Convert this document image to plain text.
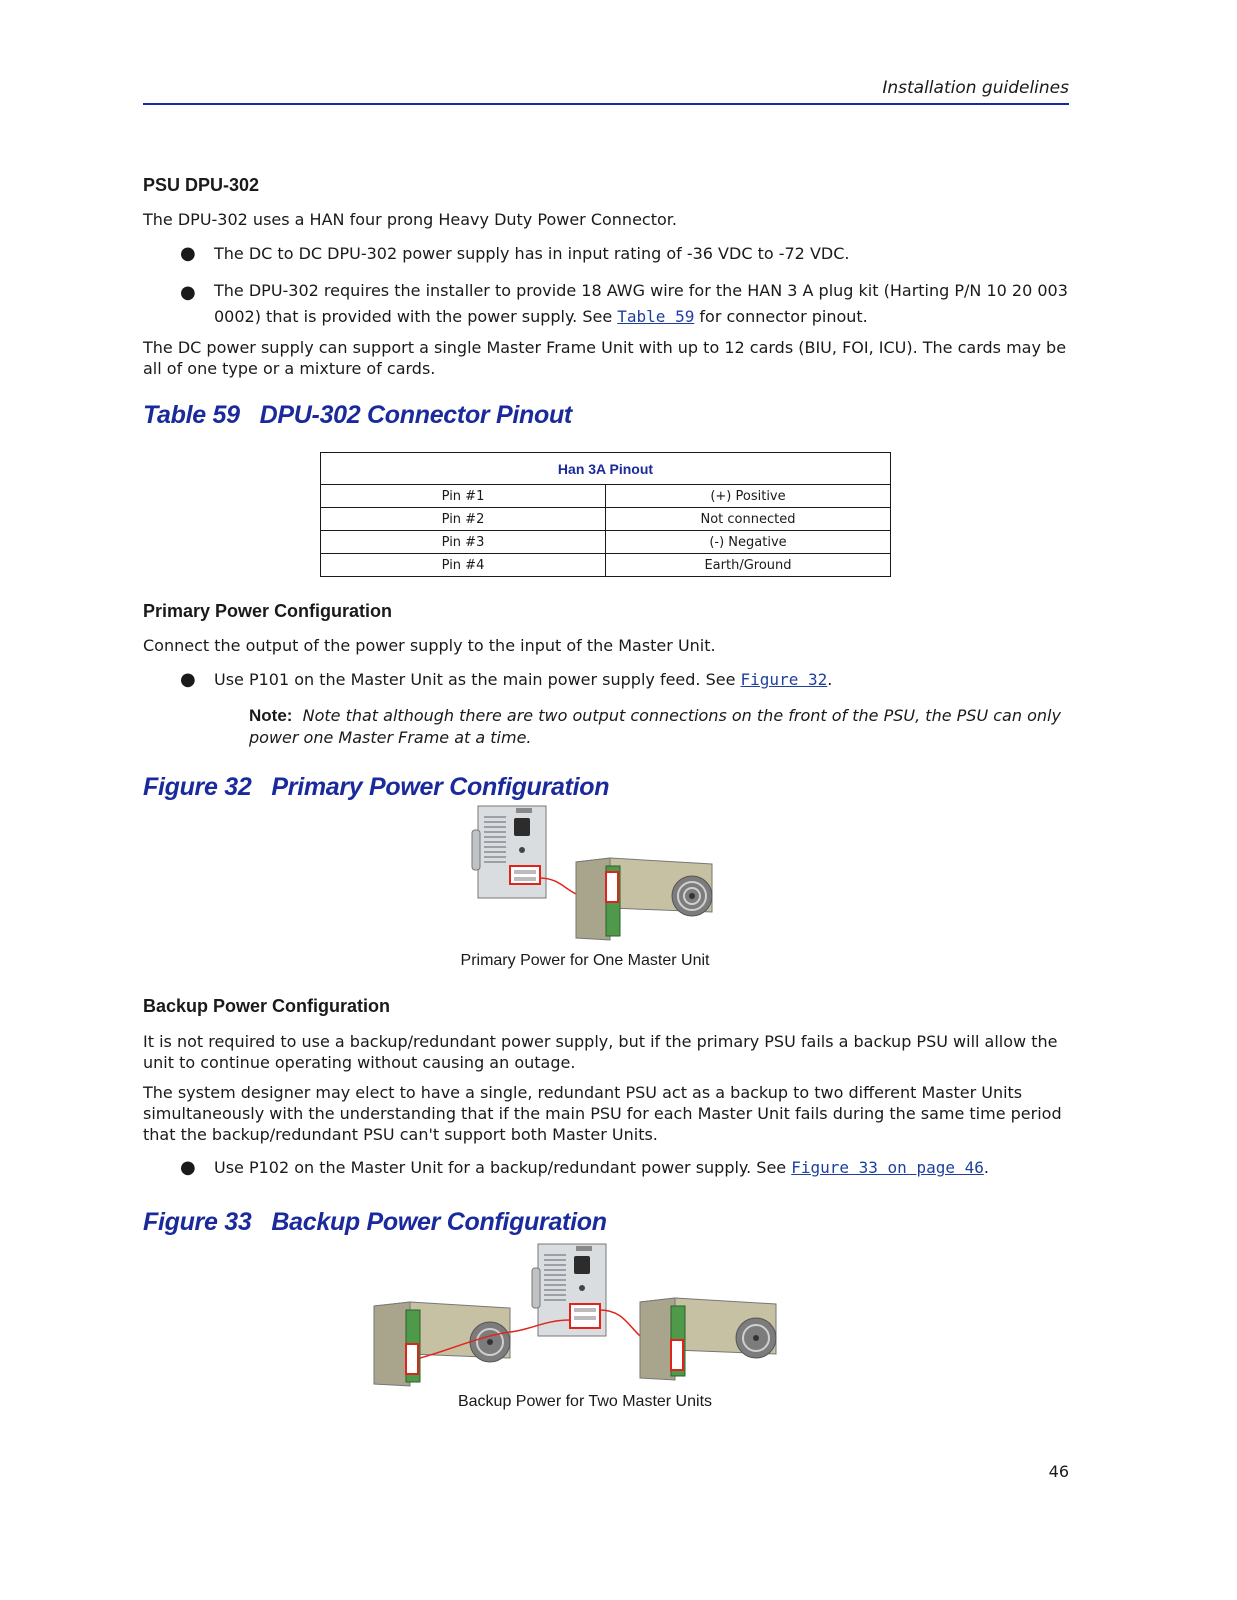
Installation guidelines
PSU DPU-302
The DPU-302 uses a HAN four prong Heavy Duty Power Connector.
● The DC to DC DPU-302 power supply has in input rating of -36 VDC to -72 VDC.
● The DPU-302 requires the installer to provide 18 AWG wire for the HAN 3 A plug kit (Harting P/N 10 20 003 0002) that is provided with the power supply. See Table 59 for connector pinout.
The DC power supply can support a single Master Frame Unit with up to 12 cards (BIU, FOI, ICU). The cards may be all of one type or a mixture of cards.
Table 59 DPU-302 Connector Pinout
Han 3A Pinout	
Pin #1	(+) Positive
Pin #2	Not connected
Pin #3	(-) Negative
Pin #4	Earth/Ground
Primary Power Configuration
Connect the output of the power supply to the input of the Master Unit.
● Use P101 on the Master Unit as the main power supply feed. See Figure 32.
Note: Note that although there are two output connections on the front of the PSU, the PSU can only power one Master Frame at a time.
Figure 32 Primary Power Configuration
Primary Power for One Master Unit
Backup Power Configuration
It is not required to use a backup/redundant power supply, but if the primary PSU fails a backup PSU will allow the unit to continue operating without causing an outage.
The system designer may elect to have a single, redundant PSU act as a backup to two different Master Units simultaneously with the understanding that if the main PSU for each Master Unit fails during the same time period that the backup/redundant PSU can't support both Master Units.
● Use P102 on the Master Unit for a backup/redundant power supply. See Figure 33 on page 46.
Figure 33 Backup Power Configuration
Backup Power for Two Master Units
46
